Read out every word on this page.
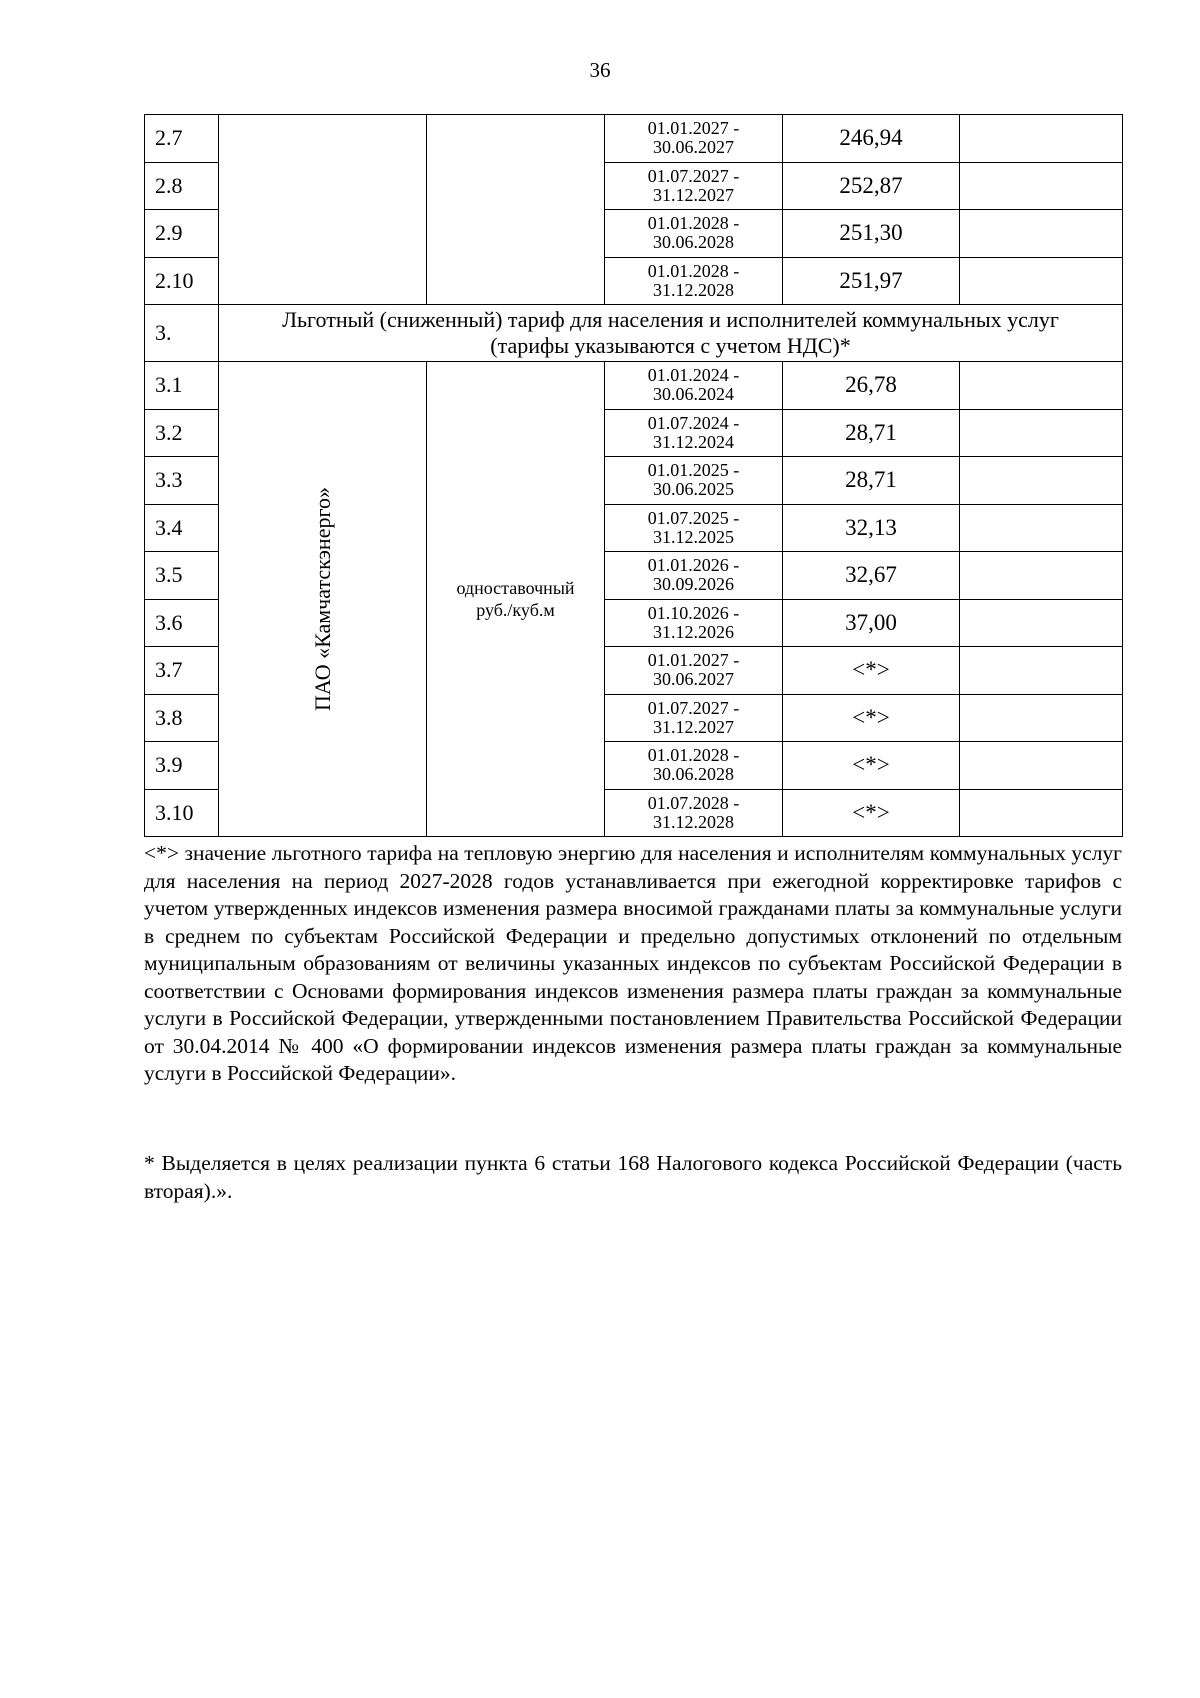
36
2.7			01.01.2027 -
30.06.2027	246,94	
2.8			01.07.2027 -
31.12.2027	252,87	
2.9			01.01.2028 -
30.06.2028	251,30	
2.10			01.01.2028 -
31.12.2028	251,97	
3.	Льготный (сниженный) тариф для населения и исполнителей коммунальных услуг
(тарифы указываются с учетом НДС)*				
3.1	ПАО «Камчатскэнерго»	одноставочный
руб./куб.м	01.01.2024 -
30.06.2024	26,78	
3.2			01.07.2024 -
31.12.2024	28,71	
3.3			01.01.2025 -
30.06.2025	28,71	
3.4			01.07.2025 -
31.12.2025	32,13	
3.5			01.01.2026 -
30.09.2026	32,67	
3.6			01.10.2026 -
31.12.2026	37,00	
3.7			01.01.2027 -
30.06.2027	<*>	
3.8			01.07.2027 -
31.12.2027	<*>	
3.9			01.01.2028 -
30.06.2028	<*>	
3.10			01.07.2028 -
31.12.2028	<*>	
<*> значение льготного тарифа на тепловую энергию для населения и исполнителям коммунальных услуг для населения на период 2027-2028 годов устанавливается при ежегодной корректировке тарифов с учетом утвержденных индексов изменения размера вносимой гражданами платы за коммунальные услуги в среднем по субъектам Российской Федерации и предельно допустимых отклонений по отдельным муниципальным образованиям от величины указанных индексов по субъектам Российской Федерации в соответствии с Основами формирования индексов изменения размера платы граждан за коммунальные услуги в Российской Федерации, утвержденными постановлением Правительства Российской Федерации от 30.04.2014 № 400 «О формировании индексов изменения размера платы граждан за коммунальные услуги в Российской Федерации».
* Выделяется в целях реализации пункта 6 статьи 168 Налогового кодекса Российской Федерации (часть вторая).».
